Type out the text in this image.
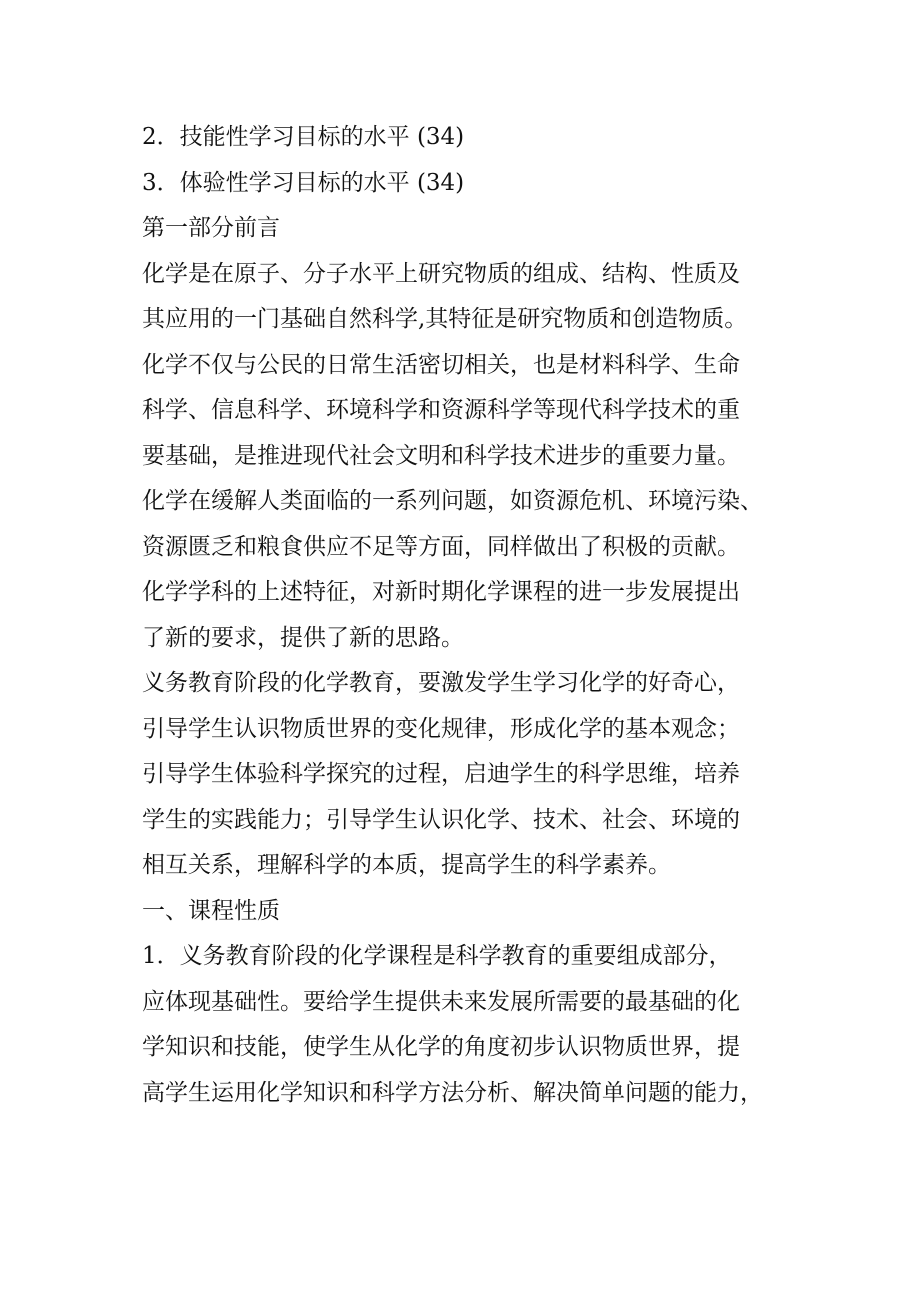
2．技能性学习目标的水平 (34)
3．体验性学习目标的水平 (34)
第一部分前言
化学是在原子、分子水平上研究物质的组成、结构、性质及
其应用的一门基础自然科学,其特征是研究物质和创造物质。
化学不仅与公民的日常生活密切相关，也是材料科学、生命
科学、信息科学、环境科学和资源科学等现代科学技术的重
要基础，是推进现代社会文明和科学技术进步的重要力量。
化学在缓解人类面临的一系列问题，如资源危机、环境污染、
资源匮乏和粮食供应不足等方面，同样做出了积极的贡献。
化学学科的上述特征，对新时期化学课程的进一步发展提出
了新的要求，提供了新的思路。
义务教育阶段的化学教育，要激发学生学习化学的好奇心，
引导学生认识物质世界的变化规律，形成化学的基本观念；
引导学生体验科学探究的过程，启迪学生的科学思维，培养
学生的实践能力；引导学生认识化学、技术、社会、环境的
相互关系，理解科学的本质，提高学生的科学素养。
一、课程性质
1．义务教育阶段的化学课程是科学教育的重要组成部分，
应体现基础性。要给学生提供未来发展所需要的最基础的化
学知识和技能，使学生从化学的角度初步认识物质世界，提
高学生运用化学知识和科学方法分析、解决简单问题的能力，
